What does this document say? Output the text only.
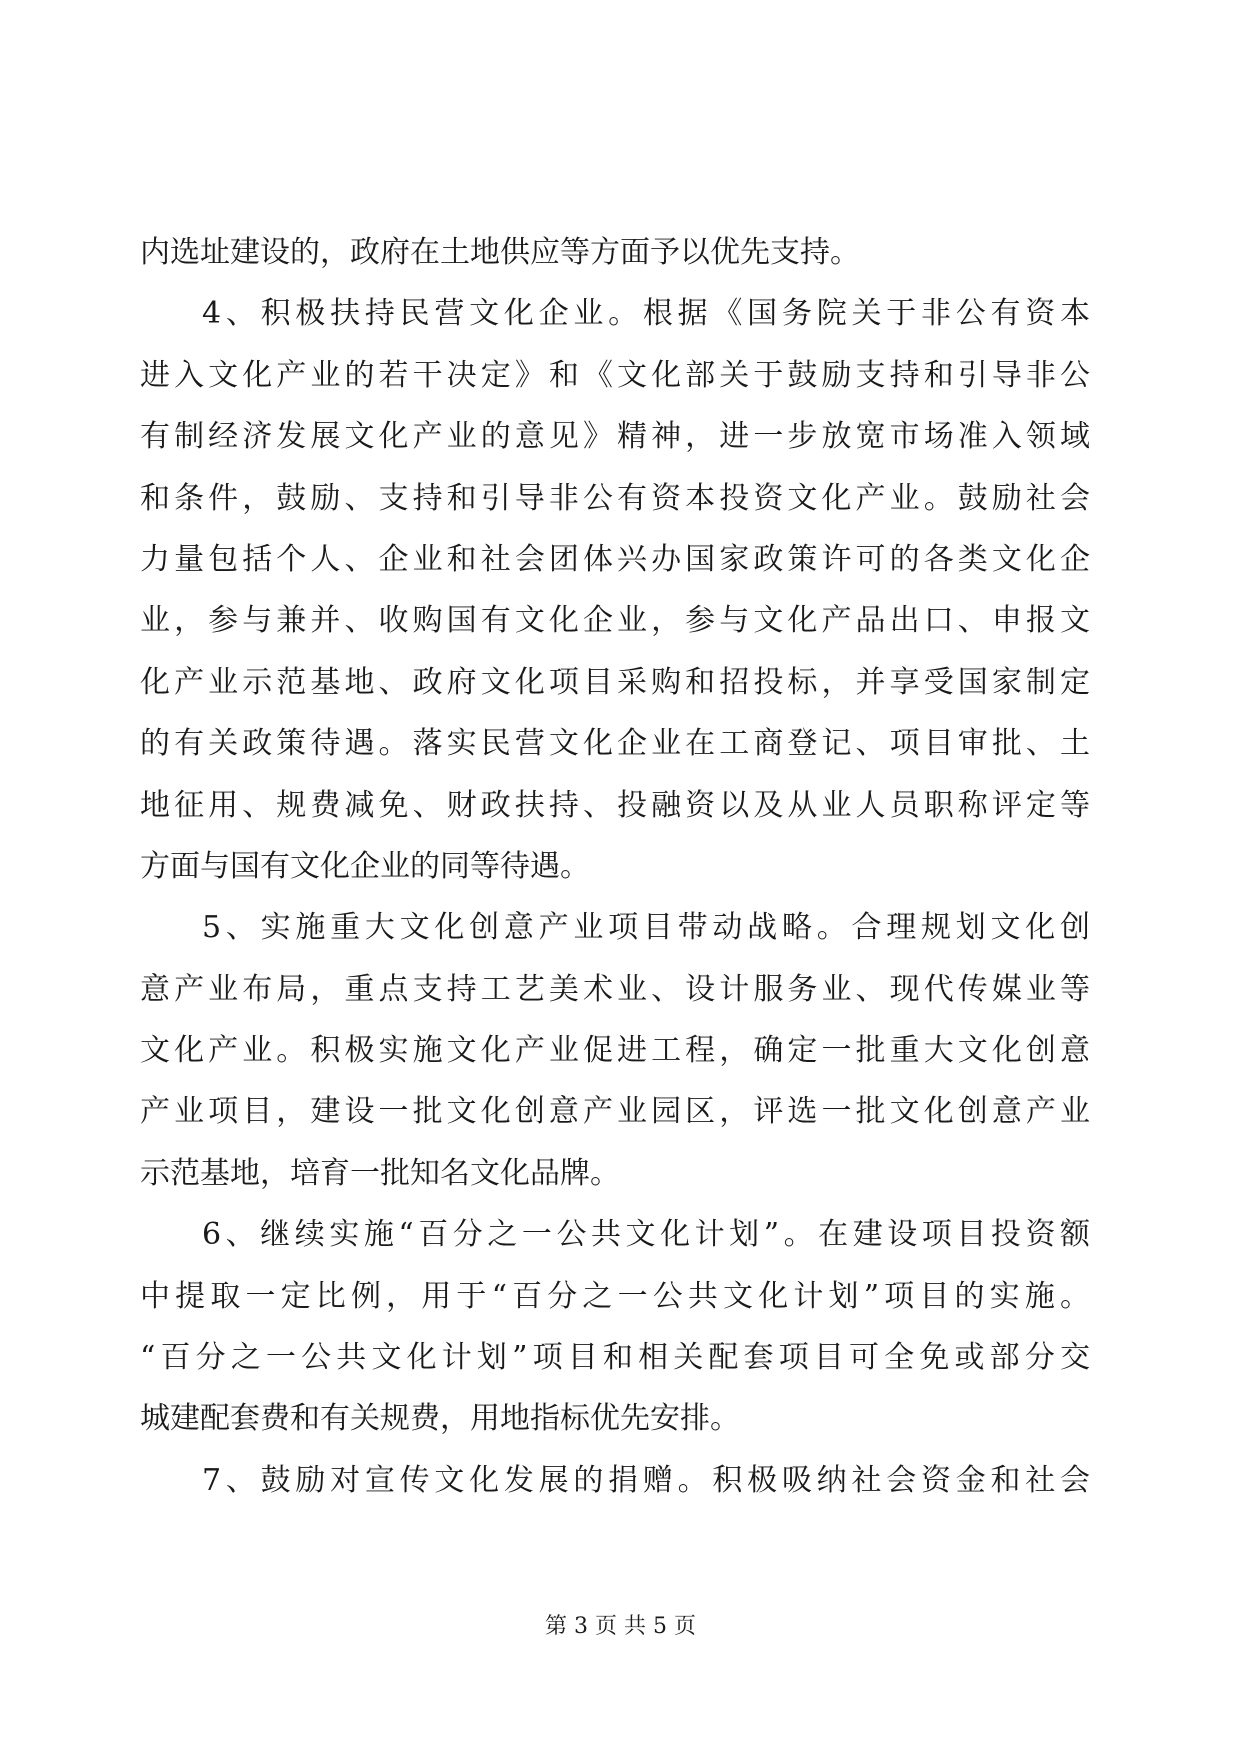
内选址建设的，政府在土地供应等方面予以优先支持。
4、积极扶持民营文化企业。根据《国务院关于非公有资本
进入文化产业的若干决定》和《文化部关于鼓励支持和引导非公
有制经济发展文化产业的意见》精神，进一步放宽市场准入领域
和条件，鼓励、支持和引导非公有资本投资文化产业。鼓励社会
力量包括个人、企业和社会团体兴办国家政策许可的各类文化企
业，参与兼并、收购国有文化企业，参与文化产品出口、申报文
化产业示范基地、政府文化项目采购和招投标，并享受国家制定
的有关政策待遇。落实民营文化企业在工商登记、项目审批、土
地征用、规费减免、财政扶持、投融资以及从业人员职称评定等
方面与国有文化企业的同等待遇。
5、实施重大文化创意产业项目带动战略。合理规划文化创
意产业布局，重点支持工艺美术业、设计服务业、现代传媒业等
文化产业。积极实施文化产业促进工程，确定一批重大文化创意
产业项目，建设一批文化创意产业园区，评选一批文化创意产业
示范基地，培育一批知名文化品牌。
6、继续实施“百分之一公共文化计划”。在建设项目投资额
中提取一定比例，用于“百分之一公共文化计划”项目的实施。
“百分之一公共文化计划”项目和相关配套项目可全免或部分交
城建配套费和有关规费，用地指标优先安排。
7、鼓励对宣传文化发展的捐赠。积极吸纳社会资金和社会
第 3 页 共 5 页
